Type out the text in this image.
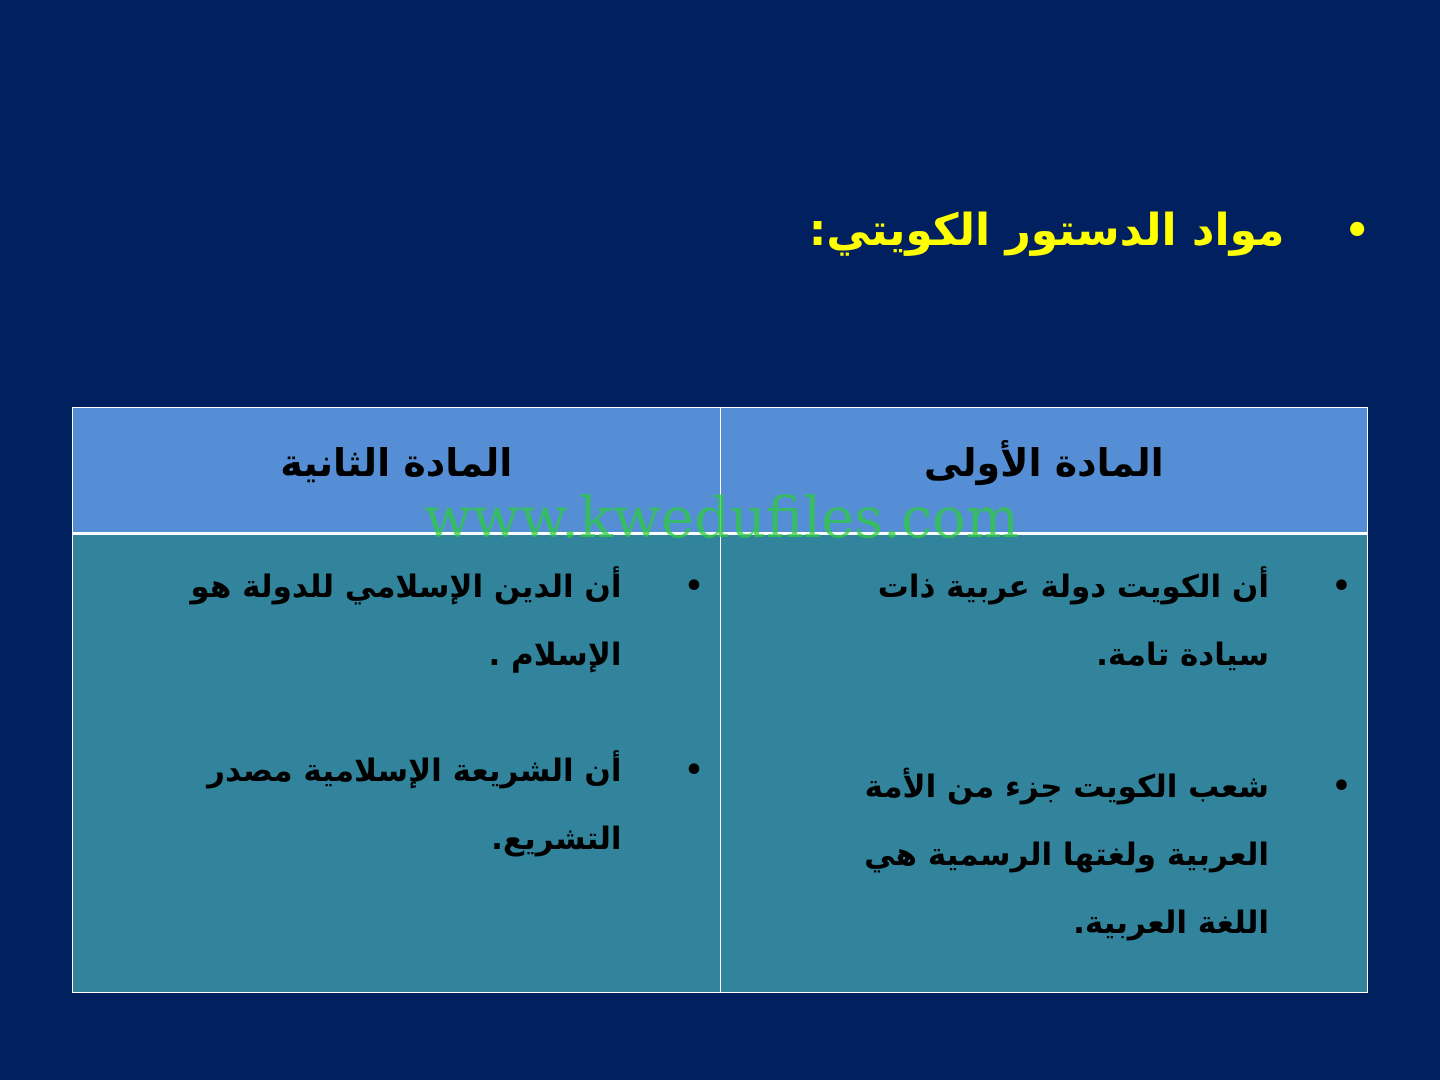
•
مواد الدستور الكويتي:
المادة الأولى
المادة الثانية
•
أن الكويت دولة عربية ذات سيادة تامة.
•
شعب الكويت جزء من الأمة العربية ولغتها الرسمية هي اللغة العربية.
•
أن الدين الإسلامي للدولة هو الإسلام .
•
أن الشريعة الإسلامية مصدر التشريع.
www.kwedufiles.com
